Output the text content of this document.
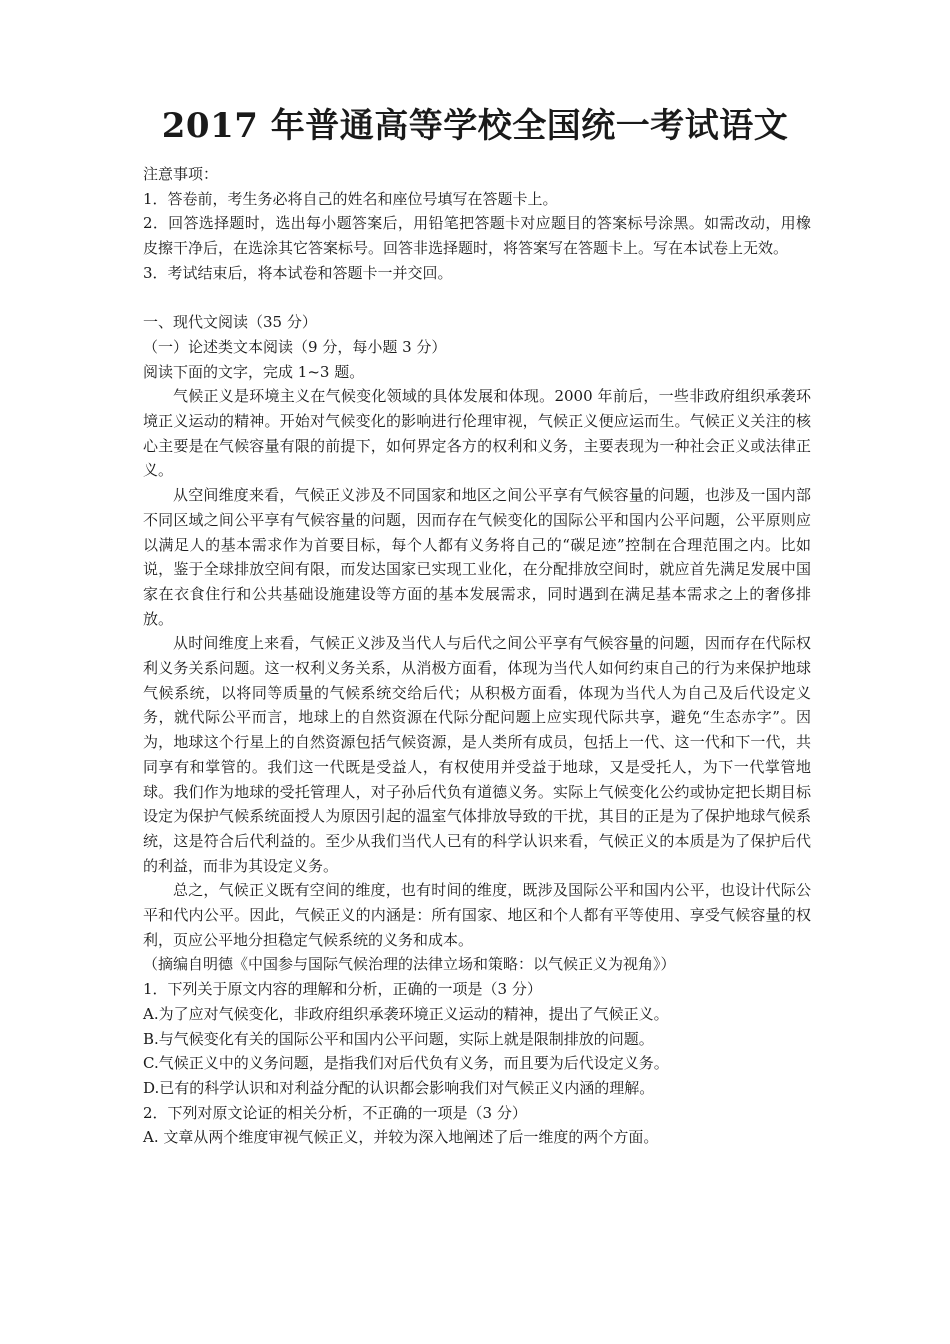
2017 年普通高等学校全国统一考试语文
注意事项：
1．答卷前，考生务必将自己的姓名和座位号填写在答题卡上。
2．回答选择题时，选出每小题答案后，用铅笔把答题卡对应题目的答案标号涂黑。如需改动，用橡皮擦干净后，在选涂其它答案标号。回答非选择题时，将答案写在答题卡上。写在本试卷上无效。
3．考试结束后，将本试卷和答题卡一并交回。
一、现代文阅读（35 分）
（一）论述类文本阅读（9 分，每小题 3 分）
阅读下面的文字，完成 1~3 题。
气候正义是环境主义在气候变化领域的具体发展和体现。2000 年前后，一些非政府组织承袭环境正义运动的精神。开始对气候变化的影响进行伦理审视，气候正义便应运而生。气候正义关注的核心主要是在气候容量有限的前提下，如何界定各方的权利和义务，主要表现为一种社会正义或法律正义。
从空间维度来看，气候正义涉及不同国家和地区之间公平享有气候容量的问题，也涉及一国内部不同区域之间公平享有气候容量的问题，因而存在气候变化的国际公平和国内公平问题，公平原则应以满足人的基本需求作为首要目标，每个人都有义务将自己的“碳足迹”控制在合理范围之内。比如说，鉴于全球排放空间有限，而发达国家已实现工业化，在分配排放空间时，就应首先满足发展中国家在衣食住行和公共基础设施建设等方面的基本发展需求，同时遇到在满足基本需求之上的奢侈排放。
从时间维度上来看，气候正义涉及当代人与后代之间公平享有气候容量的问题，因而存在代际权利义务关系问题。这一权利义务关系，从消极方面看，体现为当代人如何约束自己的行为来保护地球气候系统，以将同等质量的气候系统交给后代；从积极方面看，体现为当代人为自己及后代设定义务，就代际公平而言，地球上的自然资源在代际分配问题上应实现代际共享，避免“生态赤字”。因为，地球这个行星上的自然资源包括气候资源，是人类所有成员，包括上一代、这一代和下一代，共同享有和掌管的。我们这一代既是受益人，有权使用并受益于地球，又是受托人，为下一代掌管地球。我们作为地球的受托管理人，对子孙后代负有道德义务。实际上气候变化公约或协定把长期目标设定为保护气候系统面授人为原因引起的温室气体排放导致的干扰，其目的正是为了保护地球气候系统，这是符合后代利益的。至少从我们当代人已有的科学认识来看，气候正义的本质是为了保护后代的利益，而非为其设定义务。
总之，气候正义既有空间的维度，也有时间的维度，既涉及国际公平和国内公平，也设计代际公平和代内公平。因此，气候正义的内涵是：所有国家、地区和个人都有平等使用、享受气候容量的权利，页应公平地分担稳定气候系统的义务和成本。
（摘编自明德《中国参与国际气候治理的法律立场和策略：以气候正义为视角》）
1．下列关于原文内容的理解和分析，正确的一项是（3 分）
A.为了应对气候变化，非政府组织承袭环境正义运动的精神，提出了气候正义。
B.与气候变化有关的国际公平和国内公平问题，实际上就是限制排放的问题。
C.气候正义中的义务问题，是指我们对后代负有义务，而且要为后代设定义务。
D.已有的科学认识和对利益分配的认识都会影响我们对气候正义内涵的理解。
2．下列对原文论证的相关分析，不正确的一项是（3 分）
A. 文章从两个维度审视气候正义，并较为深入地阐述了后一维度的两个方面。
